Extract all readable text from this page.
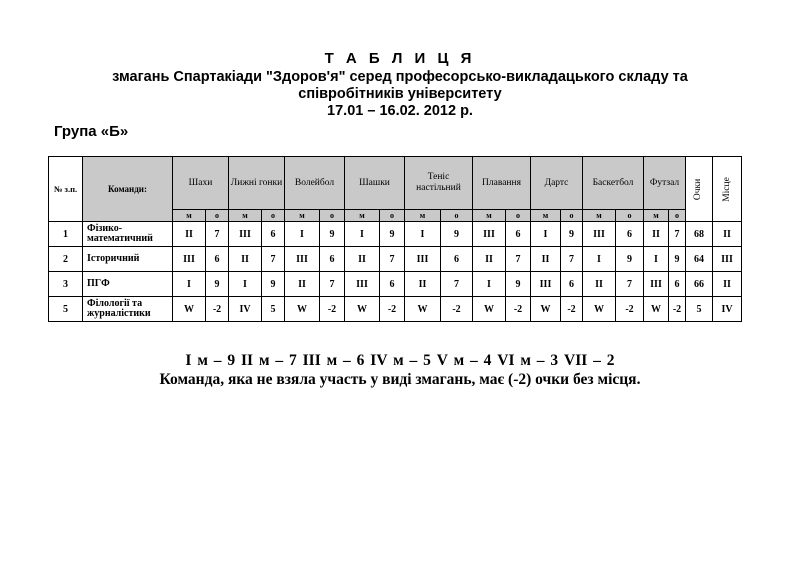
Т А Б Л И Ц Я
змагань Спартакіади "Здоров'я" серед професорсько-викладацького складу та
співробітників університету
17.01 – 16.02. 2012 р.
Група «Б»
№ з.п.	Команди:	Шахи		Лижні гонки		Волейбол		Шашки		Теніс настільний		Плавання		Дартс		Баскетбол		Футзал		Очки	Місце
		м	о	м	о	м	о	м	о	м	о	м	о	м	о	м	о	м	о		
1	Фізико-математичний	ІІ	7	ІІІ	6	І	9	І	9	І	9	ІІІ	6	І	9	ІІІ	6	ІІ	7	68	ІІ
2	Історичний	ІІІ	6	ІІ	7	ІІІ	6	ІІ	7	ІІІ	6	ІІ	7	ІІ	7	І	9	І	9	64	ІІІ
3	ПГФ	І	9	І	9	ІІ	7	ІІІ	6	ІІ	7	І	9	ІІІ	6	ІІ	7	ІІІ	6	66	ІІ
5	Філології та журналістики	W	-2	IV	5	W	-2	W	-2	W	-2	W	-2	W	-2	W	-2	W	-2	5	IV
І м – 9 ІІ м – 7 ІІІ м – 6 IV м – 5 V м – 4 VI м – 3 VII – 2
Команда, яка не взяла участь у виді змагань, має (-2) очки без місця.
